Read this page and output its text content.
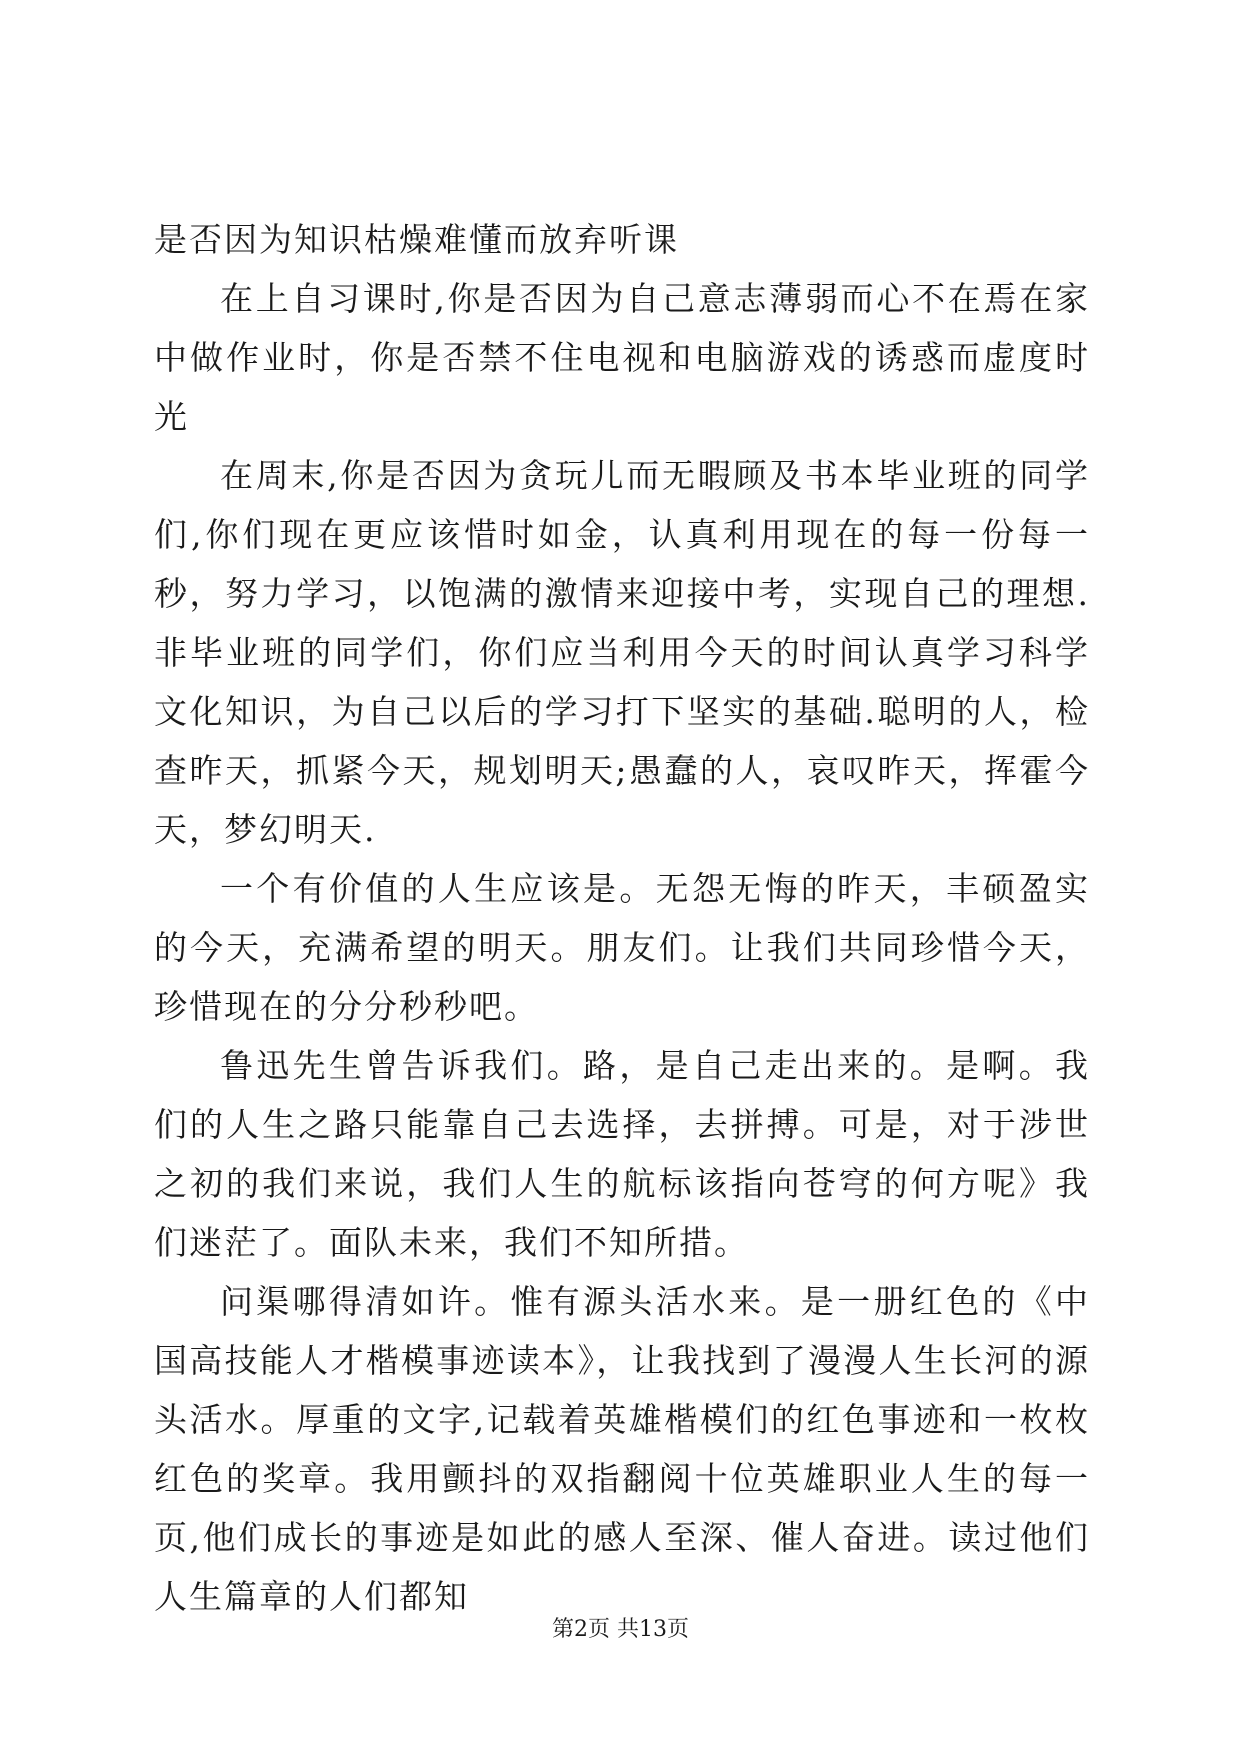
是否因为知识枯燥难懂而放弃听课

在上自习课时,你是否因为自己意志薄弱而心不在焉在家中做作业时，你是否禁不住电视和电脑游戏的诱惑而虚度时光

在周末,你是否因为贪玩儿而无暇顾及书本毕业班的同学们,你们现在更应该惜时如金，认真利用现在的每一份每一秒，努力学习，以饱满的激情来迎接中考，实现自己的理想.非毕业班的同学们，你们应当利用今天的时间认真学习科学文化知识，为自己以后的学习打下坚实的基础.聪明的人，检查昨天，抓紧今天，规划明天;愚蠢的人，哀叹昨天，挥霍今天，梦幻明天.

一个有价值的人生应该是。无怨无悔的昨天，丰硕盈实的今天，充满希望的明天。朋友们。让我们共同珍惜今天，珍惜现在的分分秒秒吧。

鲁迅先生曾告诉我们。路，是自己走出来的。是啊。我们的人生之路只能靠自己去选择，去拼搏。可是，对于涉世之初的我们来说，我们人生的航标该指向苍穹的何方呢》我们迷茫了。面队未来，我们不知所措。

问渠哪得清如许。惟有源头活水来。是一册红色的《中国高技能人才楷模事迹读本》，让我找到了漫漫人生长河的源头活水。厚重的文字,记载着英雄楷模们的红色事迹和一枚枚红色的奖章。我用颤抖的双指翻阅十位英雄职业人生的每一页,他们成长的事迹是如此的感人至深、催人奋进。读过他们人生篇章的人们都知

第2页 共13页
